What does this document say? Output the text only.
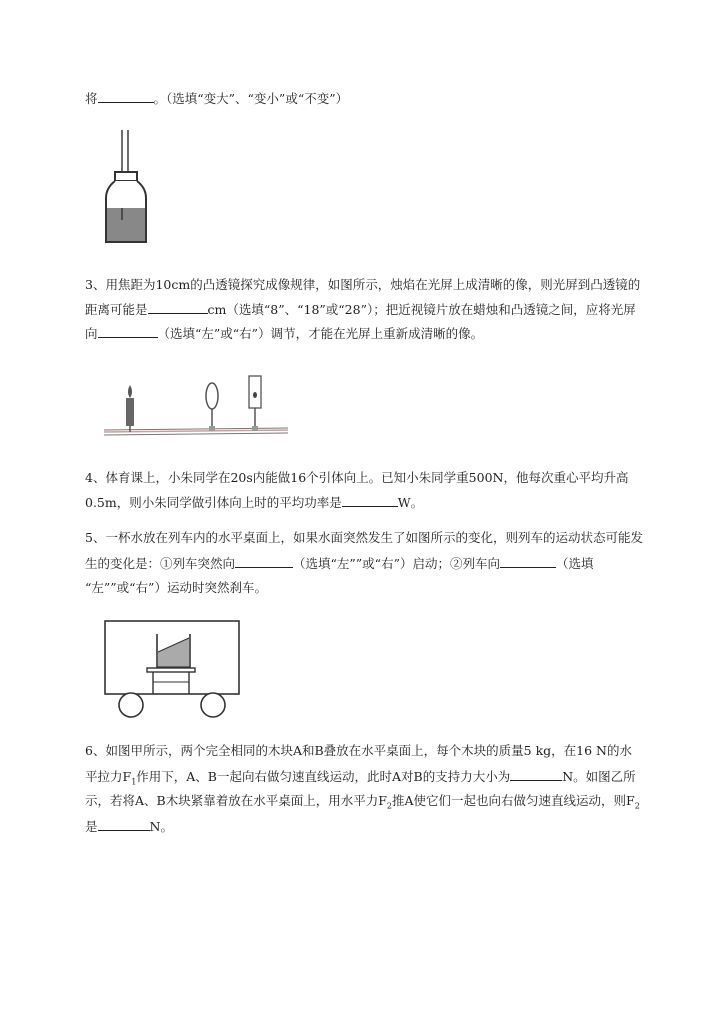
将	。（选填“变大”、“变小”或“不变”）
3、用焦距为10cm的凸透镜探究成像规律，如图所示，烛焰在光屏上成清晰的像，则光屏到凸透镜的
距离可能是	cm（选填“8”、“18”或“28”）；把近视镜片放在蜡烛和凸透镜之间，应将光屏
向	（选填“左”或“右”）调节，才能在光屏上重新成清晰的像。
4、体育课上，小朱同学在20s内能做16个引体向上。已知小朱同学重500N，他每次重心平均升高
0.5m，则小朱同学做引体向上时的平均功率是	W。
5、一杯水放在列车内的水平桌面上，如果水面突然发生了如图所示的变化，则列车的运动状态可能发
生的变化是：①列车突然向	（选填“左””或“右”）启动；②列车向	（选填
“左””或“右”）运动时突然刹车。
6、如图甲所示，两个完全相同的木块A和B叠放在水平桌面上，每个木块的质量5 kg，在16 N的水
平拉力$F_1$作用下，A、B一起向右做匀速直线运动，此时A对B的支持力大小为	N。如图乙所
示，若将A、B木块紧靠着放在水平桌面上，用水平力$F_2$推A使它们一起也向右做匀速直线运动，则$F_2$
是	N。
